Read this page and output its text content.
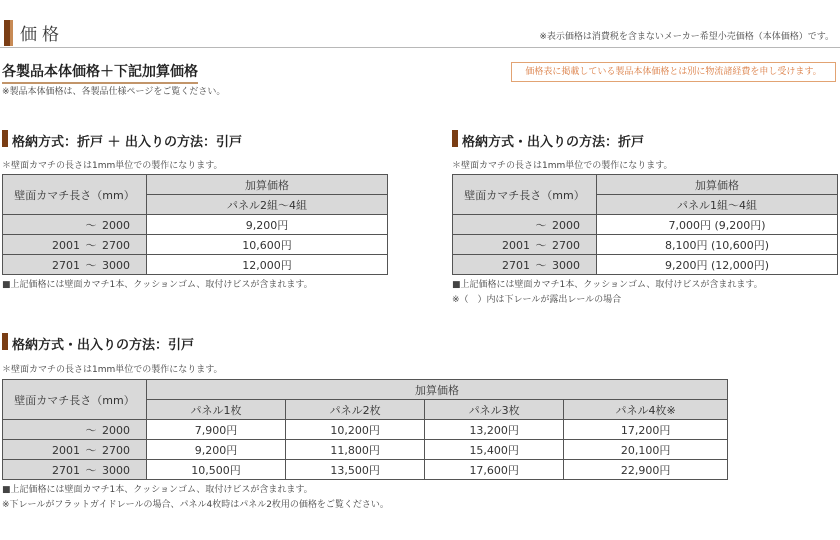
価格	※表示価格は消費税を含まないメーカー希望小売価格（本体価格）です。
各製品本体価格＋下記加算価格
※製品本体価格は、各製品仕様ページをご覧ください。
価格表に掲載している製品本体価格とは別に物流諸経費を申し受けます。
格納方式：折戸 ＋ 出入りの方法：引戸
＊壁面カマチの長さは1mm単位での製作になります。
壁面カマチ長さ（mm）	加算価格
	パネル2組〜4組
〜 2000	9,200円
2001 〜 2700	10,600円
2701 〜 3000	12,000円
■上記価格には壁面カマチ1本、クッションゴム、取付けビスが含まれます。
格納方式・出入りの方法：折戸
＊壁面カマチの長さは1mm単位での製作になります。
壁面カマチ長さ（mm）	加算価格
	パネル1組〜4組
〜 2000	7,000円 (9,200円)
2001 〜 2700	8,100円 (10,600円)
2701 〜 3000	9,200円 (12,000円)
■上記価格には壁面カマチ1本、クッションゴム、取付けビスが含まれます。
※（　）内は下レールが露出レールの場合
格納方式・出入りの方法：引戸
＊壁面カマチの長さは1mm単位での製作になります。
壁面カマチ長さ（mm）	加算価格			
	パネル1枚	パネル2枚	パネル3枚	パネル4枚※
〜 2000	7,900円	10,200円	13,200円	17,200円
2001 〜 2700	9,200円	11,800円	15,400円	20,100円
2701 〜 3000	10,500円	13,500円	17,600円	22,900円
■上記価格には壁面カマチ1本、クッションゴム、取付けビスが含まれます。
※下レールがフラットガイドレールの場合、パネル4枚時はパネル2枚用の価格をご覧ください。
